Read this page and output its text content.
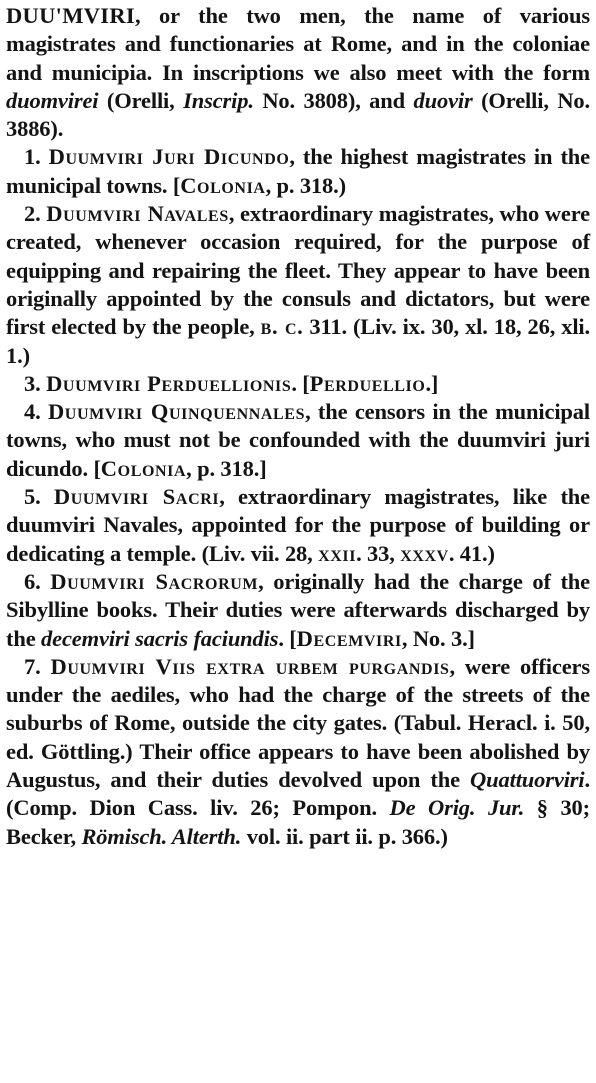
DUU'MVIRI, or the two men, the name of various magistrates and functionaries at Rome, and in the coloniae and municipia. In inscriptions we also meet with the form duomvirei (Orelli, Inscrip. No. 3808), and duovir (Orelli, No. 3886).

1. Duumviri Juri Dicundo, the highest magistrates in the municipal towns. [Colonia, p. 318.)

2. Duumviri Navales, extraordinary magistrates, who were created, whenever occasion required, for the purpose of equipping and repairing the fleet. They appear to have been originally appointed by the consuls and dictators, but were first elected by the people, b. c. 311. (Liv. ix. 30, xl. 18, 26, xli. 1.)

3. Duumviri Perduellionis. [Perduellio.]

4. Duumviri Quinquennales, the censors in the municipal towns, who must not be confounded with the duumviri juri dicundo. [Colonia, p. 318.]

5. Duumviri Sacri, extraordinary magistrates, like the duumviri Navales, appointed for the purpose of building or dedicating a temple. (Liv. vii. 28, xxii. 33, xxxv. 41.)

6. Duumviri Sacrorum, originally had the charge of the Sibylline books. Their duties were afterwards discharged by the decemviri sacris faciundis. [Decemviri, No. 3.]

7. Duumviri Viis extra urbem purgandis, were officers under the aediles, who had the charge of the streets of the suburbs of Rome, outside the city gates. (Tabul. Heracl. i. 50, ed. Göttling.) Their office appears to have been abolished by Augustus, and their duties devolved upon the Quattuorviri. (Comp. Dion Cass. liv. 26; Pompon. De Orig. Jur. § 30; Becker, Römisch. Alterth. vol. ii. part ii. p. 366.)
